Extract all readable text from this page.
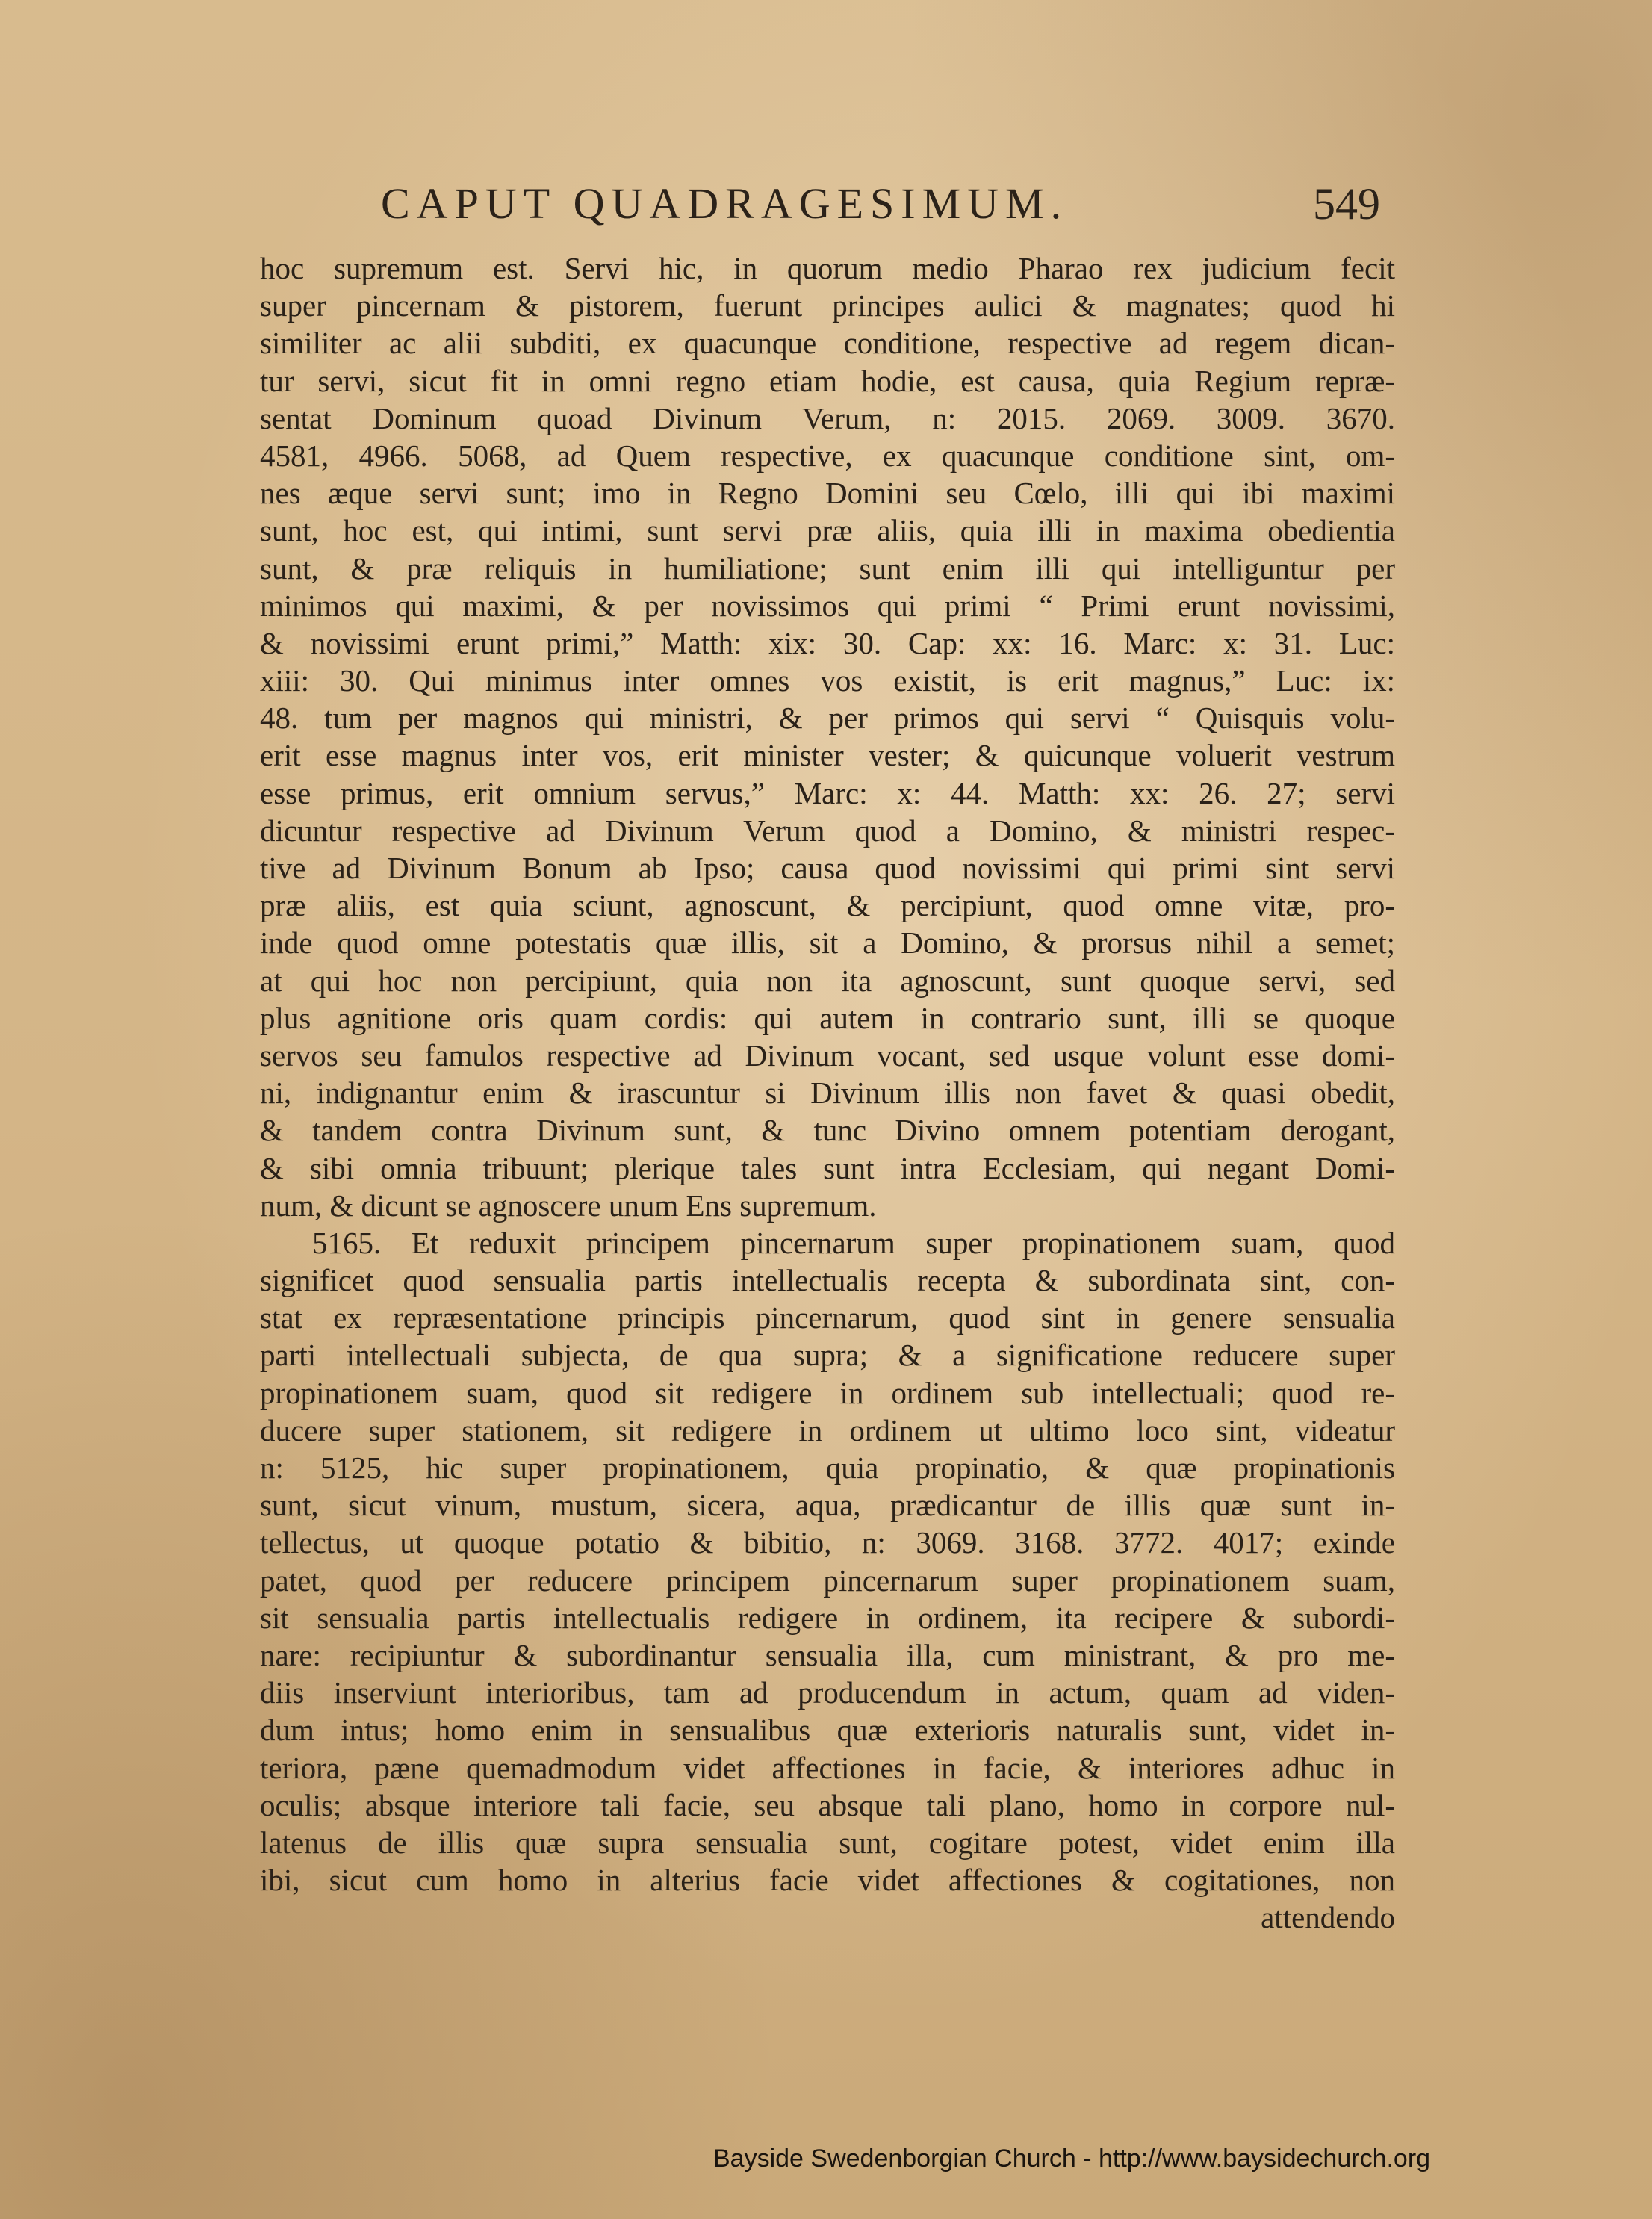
CAPUT QUADRAGESIMUM.	549
hoc supremum est. Servi hic, in quorum medio Pharao rex judicium fecit
super pincernam & pistorem, fuerunt principes aulici & magnates; quod hi
similiter ac alii subditi, ex quacunque conditione, respective ad regem dican-
tur servi, sicut fit in omni regno etiam hodie, est causa, quia Regium repræ-
sentat Dominum quoad Divinum Verum, n: 2015. 2069. 3009. 3670.
4581, 4966. 5068, ad Quem respective, ex quacunque conditione sint, om-
nes æque servi sunt; imo in Regno Domini seu Cœlo, illi qui ibi maximi
sunt, hoc est, qui intimi, sunt servi præ aliis, quia illi in maxima obedientia
sunt, & præ reliquis in humiliatione; sunt enim illi qui intelliguntur per
minimos qui maximi, & per novissimos qui primi “ Primi erunt novissimi,
& novissimi erunt primi,” Matth: xix: 30. Cap: xx: 16. Marc: x: 31. Luc:
xiii: 30. Qui minimus inter omnes vos existit, is erit magnus,” Luc: ix:
48. tum per magnos qui ministri, & per primos qui servi “ Quisquis volu-
erit esse magnus inter vos, erit minister vester; & quicunque voluerit vestrum
esse primus, erit omnium servus,” Marc: x: 44. Matth: xx: 26. 27; servi
dicuntur respective ad Divinum Verum quod a Domino, & ministri respec-
tive ad Divinum Bonum ab Ipso; causa quod novissimi qui primi sint servi
præ aliis, est quia sciunt, agnoscunt, & percipiunt, quod omne vitæ, pro-
inde quod omne potestatis quæ illis, sit a Domino, & prorsus nihil a semet;
at qui hoc non percipiunt, quia non ita agnoscunt, sunt quoque servi, sed
plus agnitione oris quam cordis: qui autem in contrario sunt, illi se quoque
servos seu famulos respective ad Divinum vocant, sed usque volunt esse domi-
ni, indignantur enim & irascuntur si Divinum illis non favet & quasi obedit,
& tandem contra Divinum sunt, & tunc Divino omnem potentiam derogant,
& sibi omnia tribuunt; plerique tales sunt intra Ecclesiam, qui negant Domi-
num, & dicunt se agnoscere unum Ens supremum.
5165. Et reduxit principem pincernarum super propinationem suam, quod
significet quod sensualia partis intellectualis recepta & subordinata sint, con-
stat ex repræsentatione principis pincernarum, quod sint in genere sensualia
parti intellectuali subjecta, de qua supra; & a significatione reducere super
propinationem suam, quod sit redigere in ordinem sub intellectuali; quod re-
ducere super stationem, sit redigere in ordinem ut ultimo loco sint, videatur
n: 5125, hic super propinationem, quia propinatio, & quæ propinationis
sunt, sicut vinum, mustum, sicera, aqua, prædicantur de illis quæ sunt in-
tellectus, ut quoque potatio & bibitio, n: 3069. 3168. 3772. 4017; exinde
patet, quod per reducere principem pincernarum super propinationem suam,
sit sensualia partis intellectualis redigere in ordinem, ita recipere & subordi-
nare: recipiuntur & subordinantur sensualia illa, cum ministrant, & pro me-
diis inserviunt interioribus, tam ad producendum in actum, quam ad viden-
dum intus; homo enim in sensualibus quæ exterioris naturalis sunt, videt in-
teriora, pæne quemadmodum videt affectiones in facie, & interiores adhuc in
oculis; absque interiore tali facie, seu absque tali plano, homo in corpore nul-
latenus de illis quæ supra sensualia sunt, cogitare potest, videt enim illa
ibi, sicut cum homo in alterius facie videt affectiones & cogitationes, non
attendendo
Bayside Swedenborgian Church - http://www.baysidechurch.org
